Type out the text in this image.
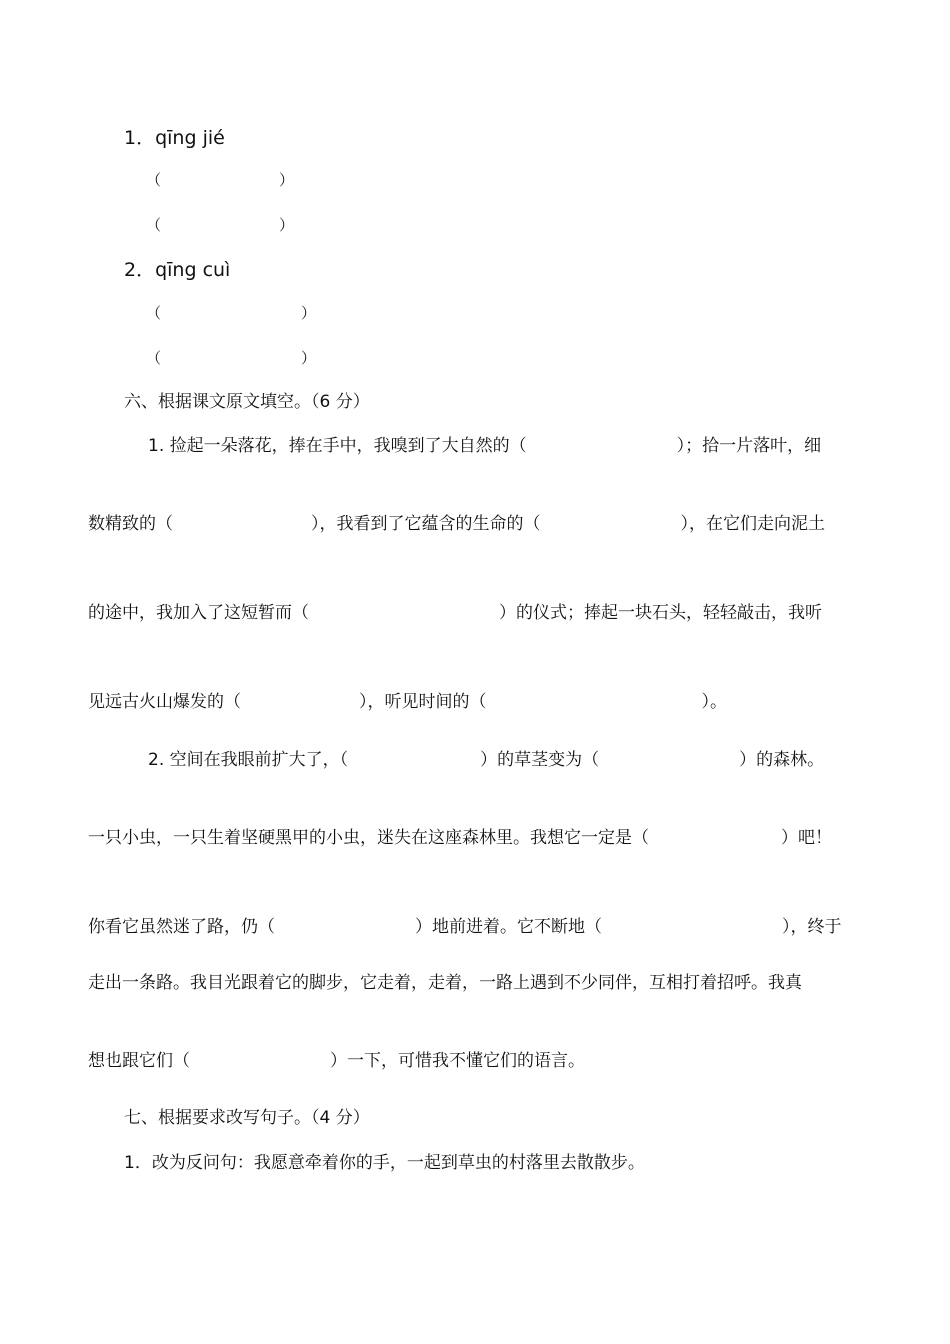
1．qīng jié
（	）
（	）
2．qīng cuì
（	）
（	）
六、根据课文原文填空。（6 分）
1. 捡起一朵落花，捧在手中，我嗅到了大自然的（	）；拾一片落叶，细
数精致的（	），我看到了它蕴含的生命的（	），在它们走向泥土
的途中，我加入了这短暂而（	）的仪式；捧起一块石头，轻轻敲击，我听
见远古火山爆发的（	），听见时间的（	）。
2. 空间在我眼前扩大了，（	）的草茎变为（	）的森林。
一只小虫，一只生着坚硬黑甲的小虫，迷失在这座森林里。我想它一定是（	）吧！
你看它虽然迷了路，仍（	）地前进着。它不断地（	），终于
走出一条路。我目光跟着它的脚步，它走着，走着，一路上遇到不少同伴，互相打着招呼。我真
想也跟它们（	）一下，可惜我不懂它们的语言。
七、根据要求改写句子。（4 分）
1．改为反问句：我愿意牵着你的手，一起到草虫的村落里去散散步。
